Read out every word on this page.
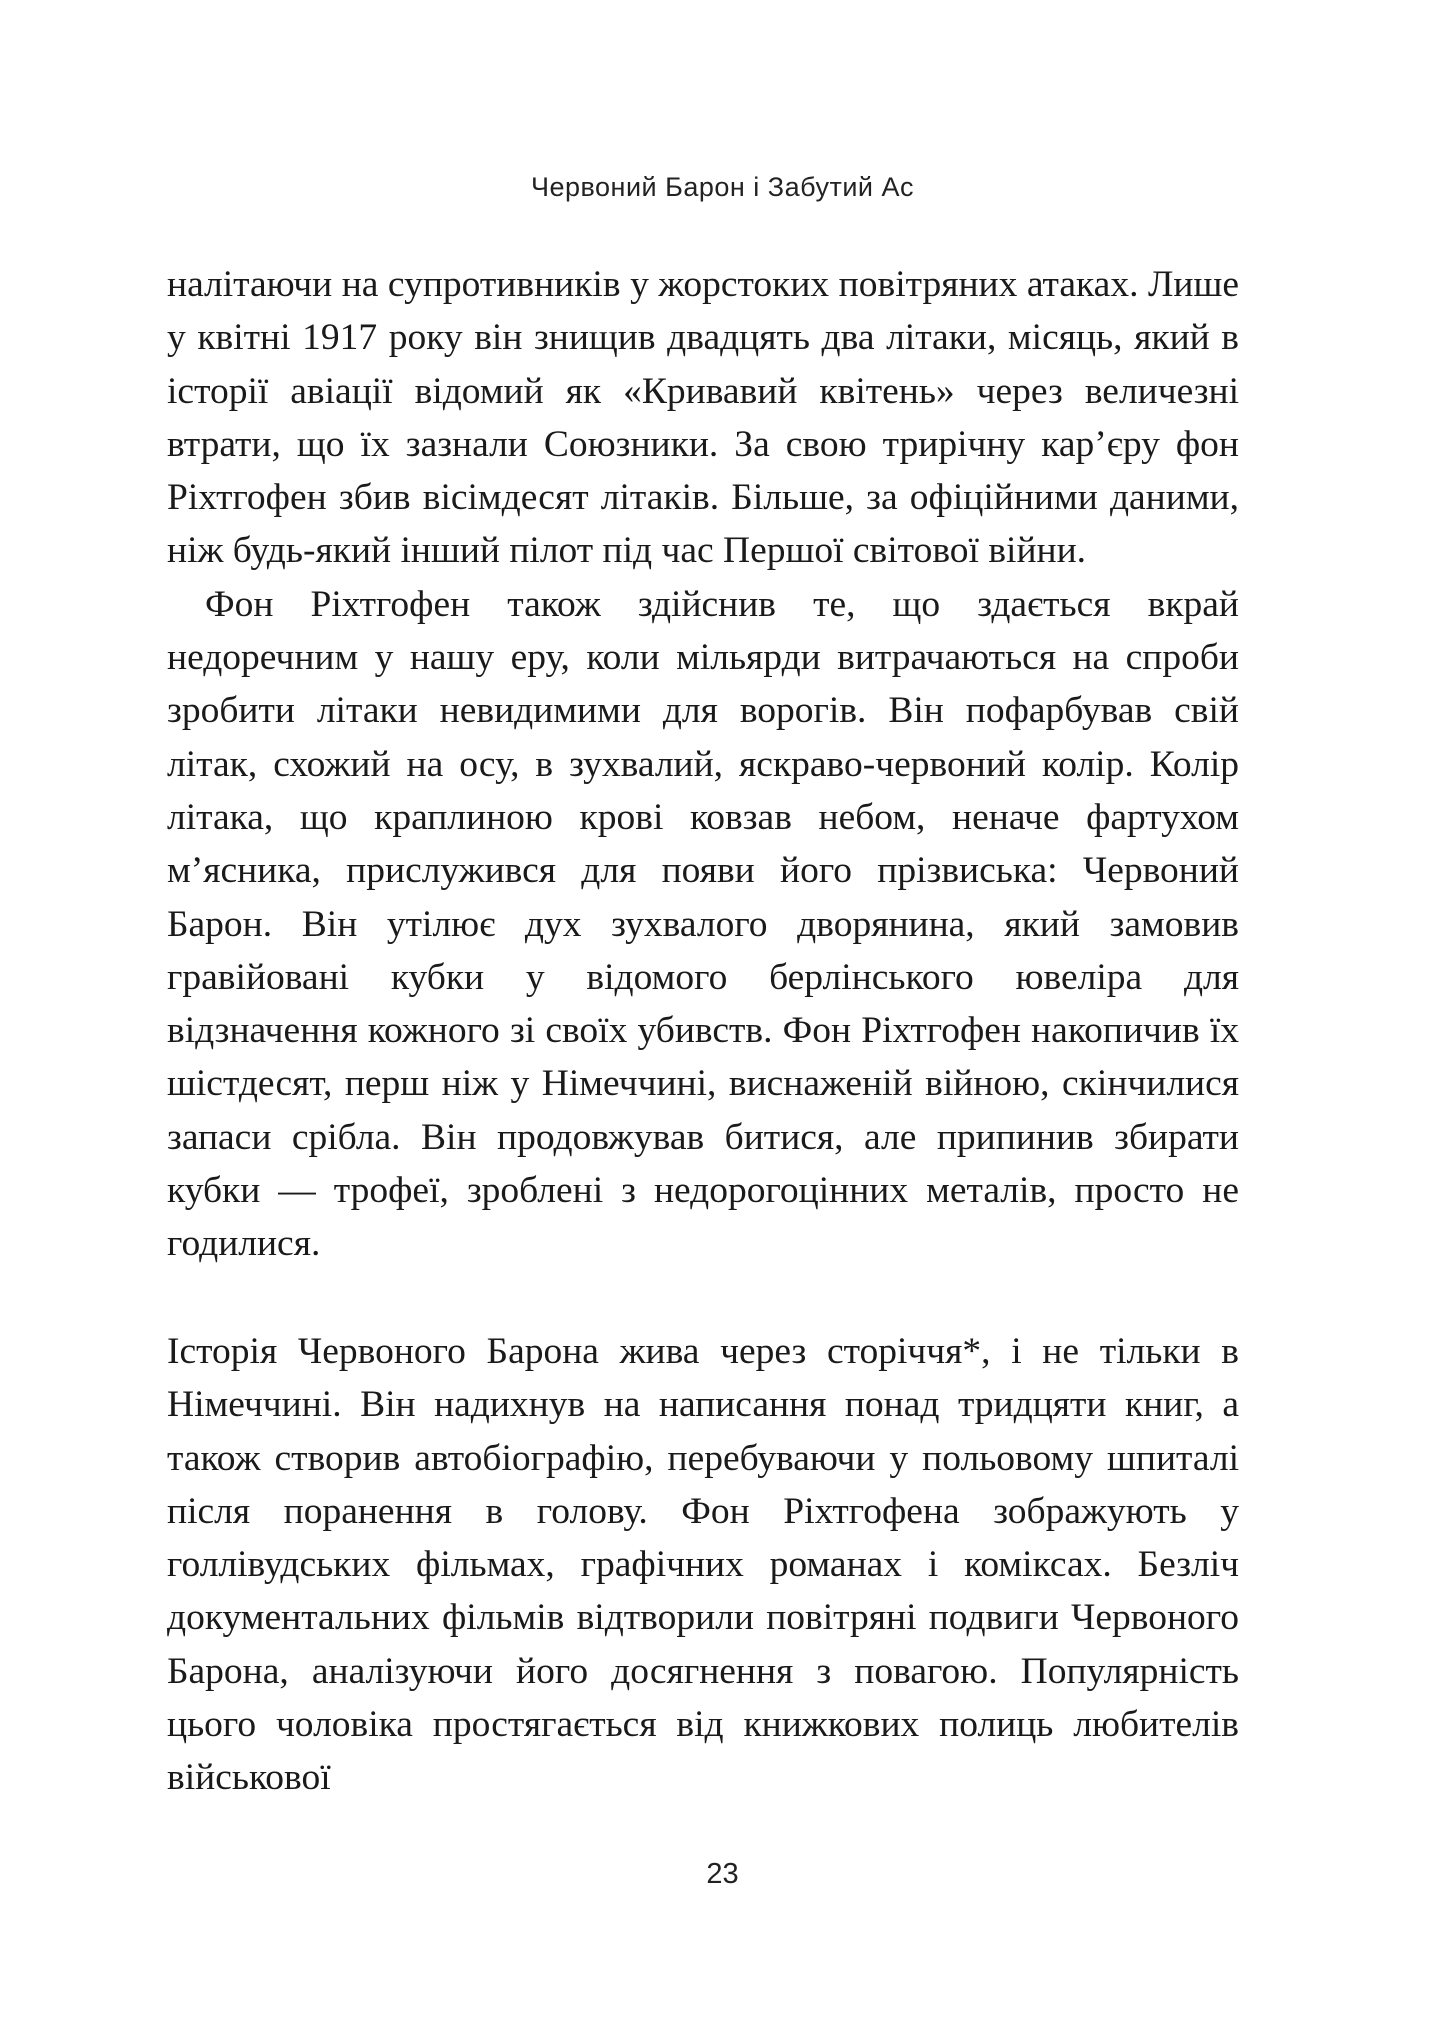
Червоний Барон і Забутий Ас

налітаючи на супротивників у жорстоких повітряних атаках. Лише у квітні 1917 року він знищив двадцять два літаки, місяць, який в історії авіації відомий як «Кривавий квітень» через величезні втрати, що їх зазнали Союзники. За свою трирічну кар’єру фон Ріхтгофен збив вісімдесят літаків. Більше, за офіційними даними, ніж будь-який інший пілот під час Першої світової війни.

Фон Ріхтгофен також здійснив те, що здається вкрай недоречним у нашу еру, коли мільярди витрачаються на спроби зробити літаки невидимими для ворогів. Він пофарбував свій літак, схожий на осу, в зухвалий, яскраво-червоний колір. Колір літака, що краплиною крові ковзав небом, неначе фартухом м’ясника, прислужився для появи його прізвиська: Червоний Барон. Він утілює дух зухвалого дворянина, який замовив гравійовані кубки у відомого берлінського ювеліра для відзначення кожного зі своїх убивств. Фон Ріхтгофен накопичив їх шістдесят, перш ніж у Німеччині, виснаженій війною, скінчилися запаси срібла. Він продовжував битися, але припинив збирати кубки — трофеї, зроблені з недорогоцінних металів, просто не годилися.

Історія Червоного Барона жива через сторіччя*, і не тільки в Німеччині. Він надихнув на написання понад тридцяти книг, а також створив автобіографію, перебуваючи у польовому шпиталі після поранення в голову. Фон Ріхтгофена зображують у голлівудських фільмах, графічних романах і коміксах. Безліч документальних фільмів відтворили повітряні подвиги Червоного Барона, аналізуючи його досягнення з повагою. Популярність цього чоловіка простягається від книжкових полиць любителів військової

23
